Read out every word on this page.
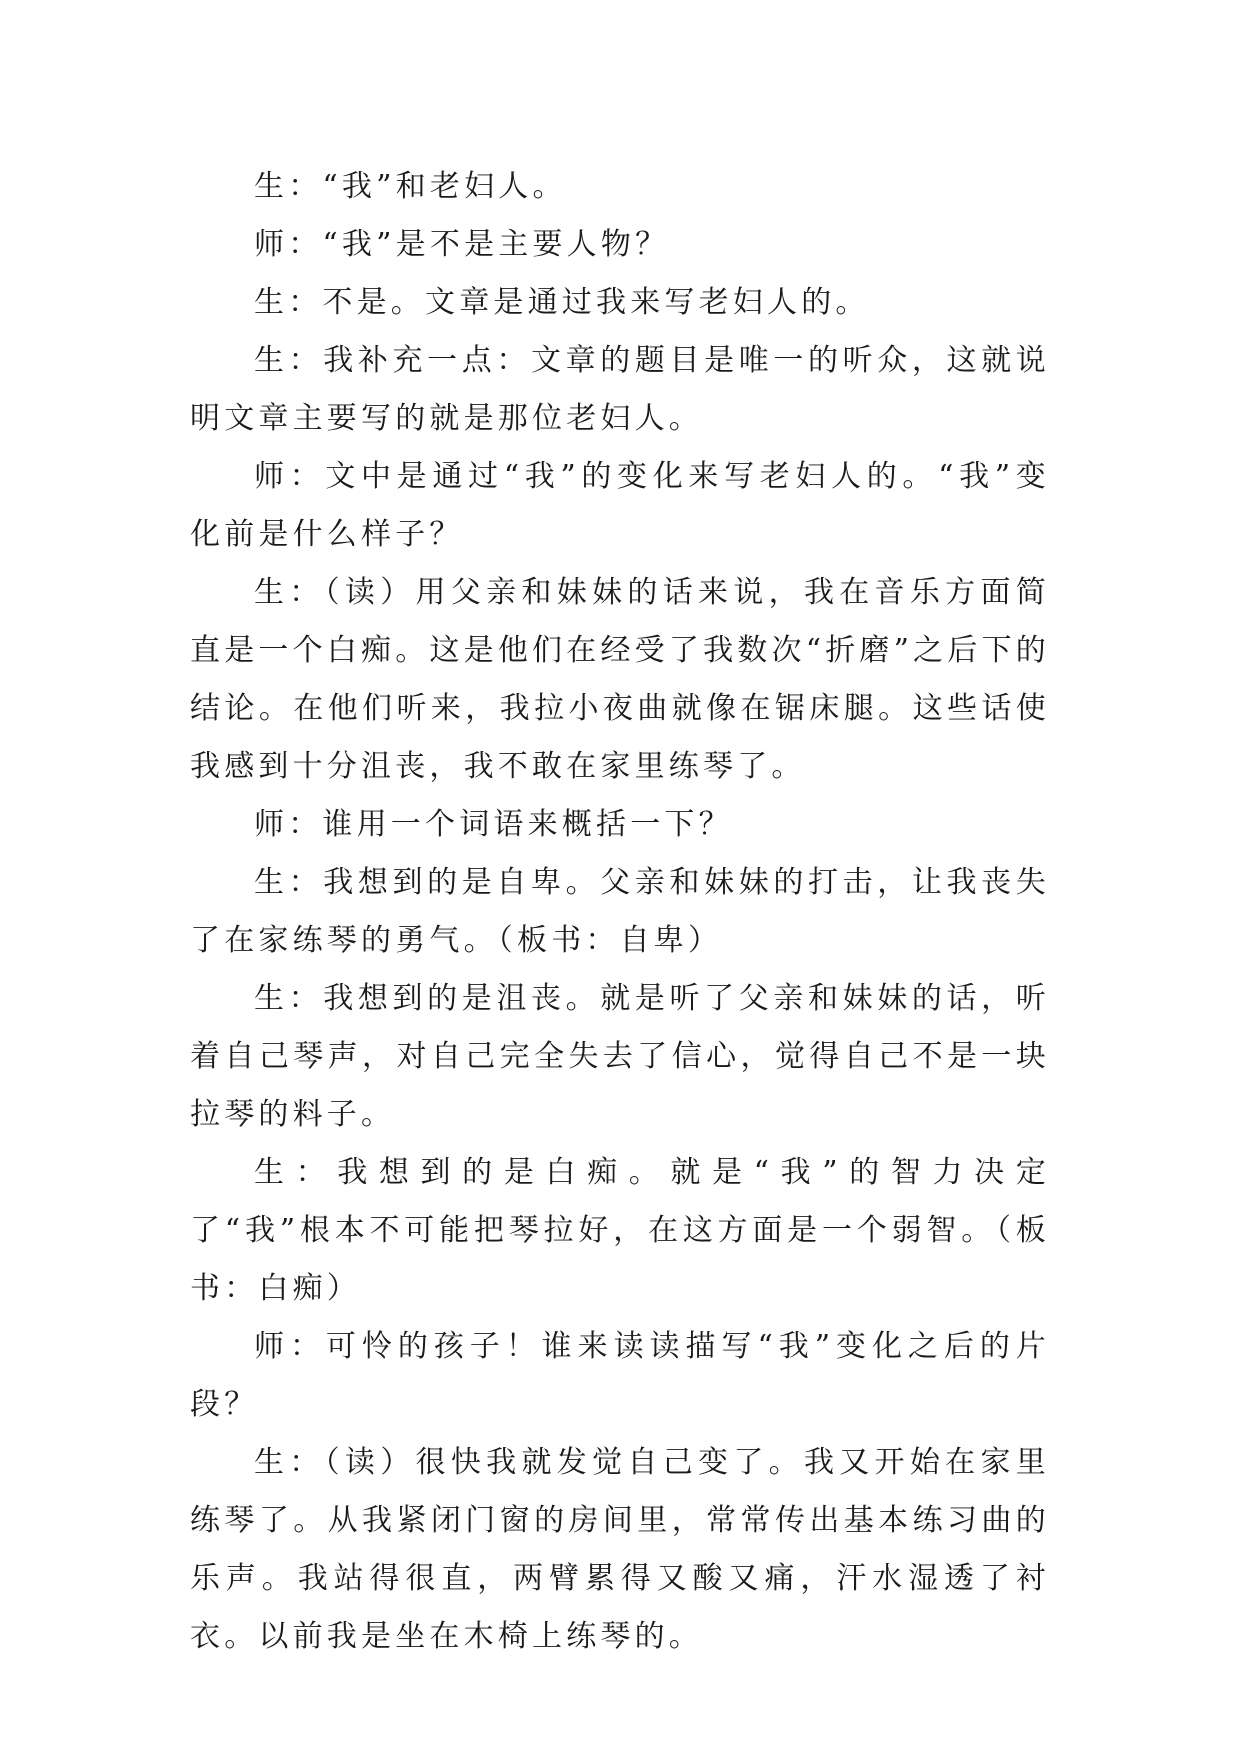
生：“我”和老妇人。

师：“我”是不是主要人物？

生：不是。文章是通过我来写老妇人的。

生：我补充一点：文章的题目是唯一的听众，这就说明文章主要写的就是那位老妇人。

师：文中是通过“我”的变化来写老妇人的。“我”变化前是什么样子？

生：（读）用父亲和妹妹的话来说，我在音乐方面简直是一个白痴。这是他们在经受了我数次“折磨”之后下的结论。在他们听来，我拉小夜曲就像在锯床腿。这些话使我感到十分沮丧，我不敢在家里练琴了。

师：谁用一个词语来概括一下？

生：我想到的是自卑。父亲和妹妹的打击，让我丧失了在家练琴的勇气。（板书：自卑）

生：我想到的是沮丧。就是听了父亲和妹妹的话，听着自己琴声，对自己完全失去了信心，觉得自己不是一块拉琴的料子。

生：我想到的是白痴。就是“我”的智力决定了“我”根本不可能把琴拉好，在这方面是一个弱智。（板书：白痴）

师：可怜的孩子！谁来读读描写“我”变化之后的片段？

生：（读）很快我就发觉自己变了。我又开始在家里练琴了。从我紧闭门窗的房间里，常常传出基本练习曲的乐声。我站得很直，两臂累得又酸又痛，汗水湿透了衬衣。以前我是坐在木椅上练琴的。
